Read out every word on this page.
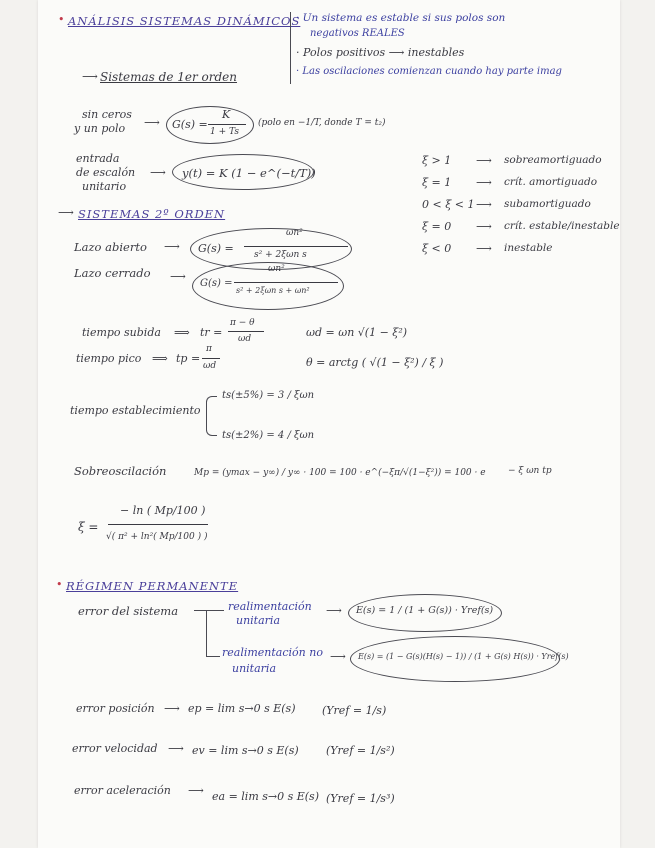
• ANÁLISIS SISTEMAS DINÁMICOS
· Un sistema es estable si sus polos son
negativos REALES
· Polos positivos ⟶ inestables
· Las oscilaciones comienzan cuando hay parte imag
⟶ Sistemas de 1er orden
sin ceros
y un polo ⟶ G(s) =
K
1 + Ts
(polo en −1/T, donde T = t₂)
entrada
de escalón
unitario
⟶ y(t) = K (1 − e^(−t/T))
ξ > 1	⟶ sobreamortiguado
ξ = 1 ⟶ crít. amortiguado
0 < ξ < 1 ⟶ subamortiguado
ξ = 0 ⟶ crít. estable/inestable
ξ < 0 ⟶ inestable
⟶ SISTEMAS 2º ORDEN
Lazo abierto ⟶ G(s) =
ωn²
s² + 2ξωn s
Lazo cerrado ⟶
G(s) =
ωn²
s² + 2ξωn s + ωn²
tiempo subida ⟹ tr =
π − θ
ωd	ωd = ωn √(1 − ξ²)
tiempo pico ⟹ tp =
π
ωd	θ = arctg ( √(1 − ξ²) / ξ )
tiempo establecimiento
ts(±5%) = 3 / ξωn
ts(±2%) = 4 / ξωn
Sobreoscilación	Mp = (ymax − y∞) / y∞ · 100 = 100 · e^(−ξπ/√(1−ξ²)) = 100 · e − ξ ωn tp
ξ =
− ln ( Mp/100 )
√( π² + ln²( Mp/100 ) )
• RÉGIMEN PERMANENTE
error del sistema	realimentación
unitaria
⟶ E(s) = 1 / (1 + G(s)) · Yref(s)
realimentación no
unitaria
⟶ E(s) = (1 − G(s)(H(s) − 1)) / (1 + G(s) H(s)) · Yref(s)
error posición ⟶ ep = lim s→0 s E(s) (Yref = 1/s)
error velocidad ⟶ ev = lim s→0 s E(s) (Yref = 1/s²)
error aceleración ⟶ ea = lim s→0 s E(s) (Yref = 1/s³)
